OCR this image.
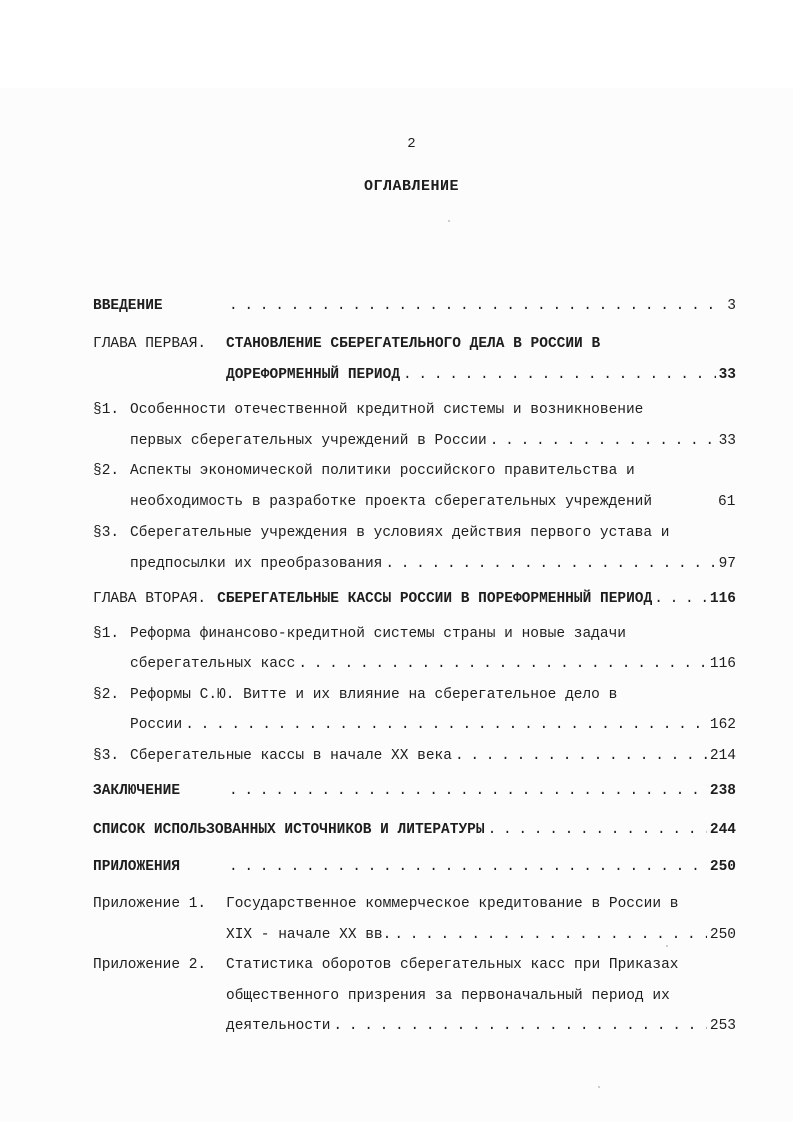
2
ОГЛАВЛЕНИЕ
ВВЕДЕНИЕ . . .	3
ГЛАВА ПЕРВАЯ. СТАНОВЛЕНИЕ СБЕРЕГАТЕЛЬНОГО ДЕЛА В РОССИИ В
ДОРЕФОРМЕННЫЙ ПЕРИОД . . .	33
§1. Особенности отечественной кредитной системы и возникновение
первых сберегательных учреждений в России . . .	33
§2. Аспекты экономической политики российского правительства и
необходимость в разработке проекта сберегательных учреждений	61
§3. Сберегательные учреждения в условиях действия первого устава и
предпосылки их преобразования . . .	97
ГЛАВА ВТОРАЯ. СБЕРЕГАТЕЛЬНЫЕ КАССЫ РОССИИ В ПОРЕФОРМЕННЫЙ ПЕРИОД . . .	116
§1. Реформа финансово-кредитной системы страны и новые задачи
сберегательных касс . . .	116
§2. Реформы С.Ю. Витте и их влияние на сберегательное дело в
России . . .	162
§3. Сберегательные кассы в начале XX века . . .	214
ЗАКЛЮЧЕНИЕ . . .	238
СПИСОК ИСПОЛЬЗОВАННЫХ ИСТОЧНИКОВ И ЛИТЕРАТУРЫ . . .	244
ПРИЛОЖЕНИЯ . . .	250
Приложение 1. Государственное коммерческое кредитование в России в
XIX - начале XX вв. . . .	250
Приложение 2. Статистика оборотов сберегательных касс при Приказах
общественного призрения за первоначальный период их
деятельности . . .	253
